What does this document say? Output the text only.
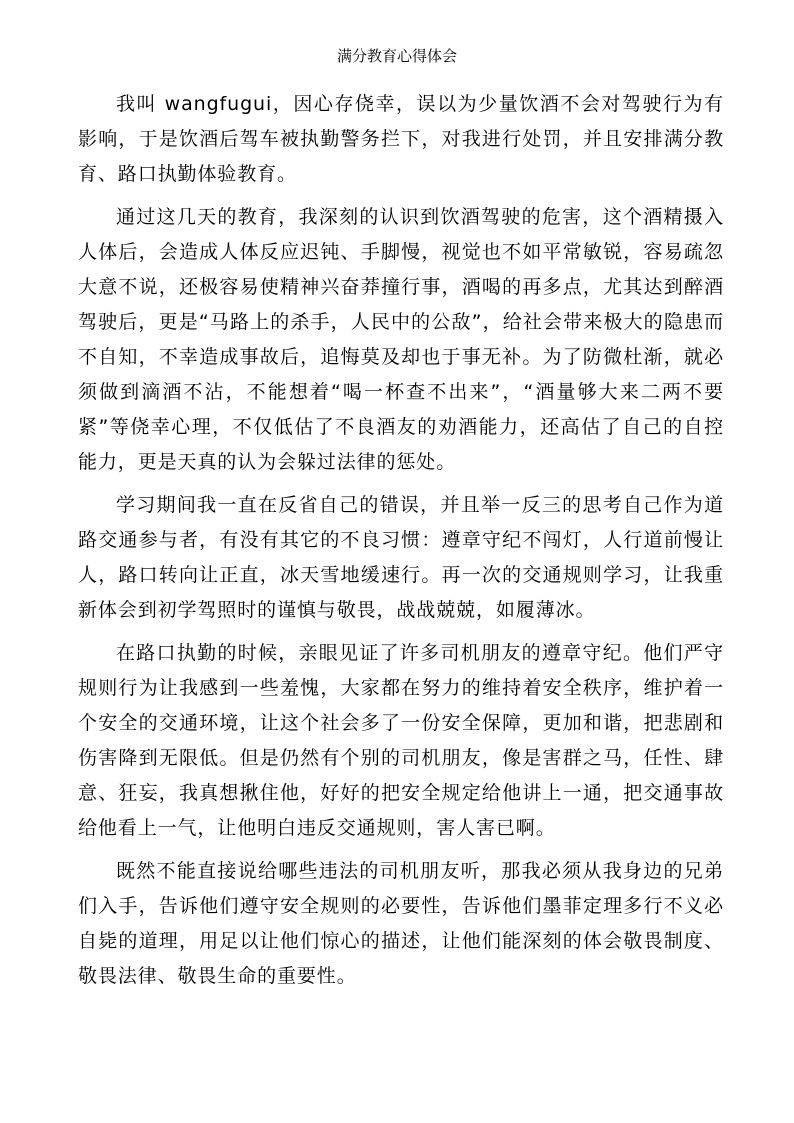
满分教育心得体会

我叫 wangfugui，因心存侥幸，误以为少量饮酒不会对驾驶行为有影响，于是饮酒后驾车被执勤警务拦下，对我进行处罚，并且安排满分教育、路口执勤体验教育。

通过这几天的教育，我深刻的认识到饮酒驾驶的危害，这个酒精摄入人体后，会造成人体反应迟钝、手脚慢，视觉也不如平常敏锐，容易疏忽大意不说，还极容易使精神兴奋莽撞行事，酒喝的再多点，尤其达到醉酒驾驶后，更是“马路上的杀手，人民中的公敌”，给社会带来极大的隐患而不自知，不幸造成事故后，追悔莫及却也于事无补。为了防微杜渐，就必须做到滴酒不沾，不能想着“喝一杯查不出来”，“酒量够大来二两不要紧”等侥幸心理，不仅低估了不良酒友的劝酒能力，还高估了自己的自控能力，更是天真的认为会躲过法律的惩处。

学习期间我一直在反省自己的错误，并且举一反三的思考自己作为道路交通参与者，有没有其它的不良习惯：遵章守纪不闯灯，人行道前慢让人，路口转向让正直，冰天雪地缓速行。再一次的交通规则学习，让我重新体会到初学驾照时的谨慎与敬畏，战战兢兢，如履薄冰。

在路口执勤的时候，亲眼见证了许多司机朋友的遵章守纪。他们严守规则行为让我感到一些羞愧，大家都在努力的维持着安全秩序，维护着一个安全的交通环境，让这个社会多了一份安全保障，更加和谐，把悲剧和伤害降到无限低。但是仍然有个别的司机朋友，像是害群之马，任性、肆意、狂妄，我真想揪住他，好好的把安全规定给他讲上一通，把交通事故给他看上一气，让他明白违反交通规则，害人害已啊。

既然不能直接说给哪些违法的司机朋友听，那我必须从我身边的兄弟们入手，告诉他们遵守安全规则的必要性，告诉他们墨菲定理多行不义必自毙的道理，用足以让他们惊心的描述，让他们能深刻的体会敬畏制度、敬畏法律、敬畏生命的重要性。
